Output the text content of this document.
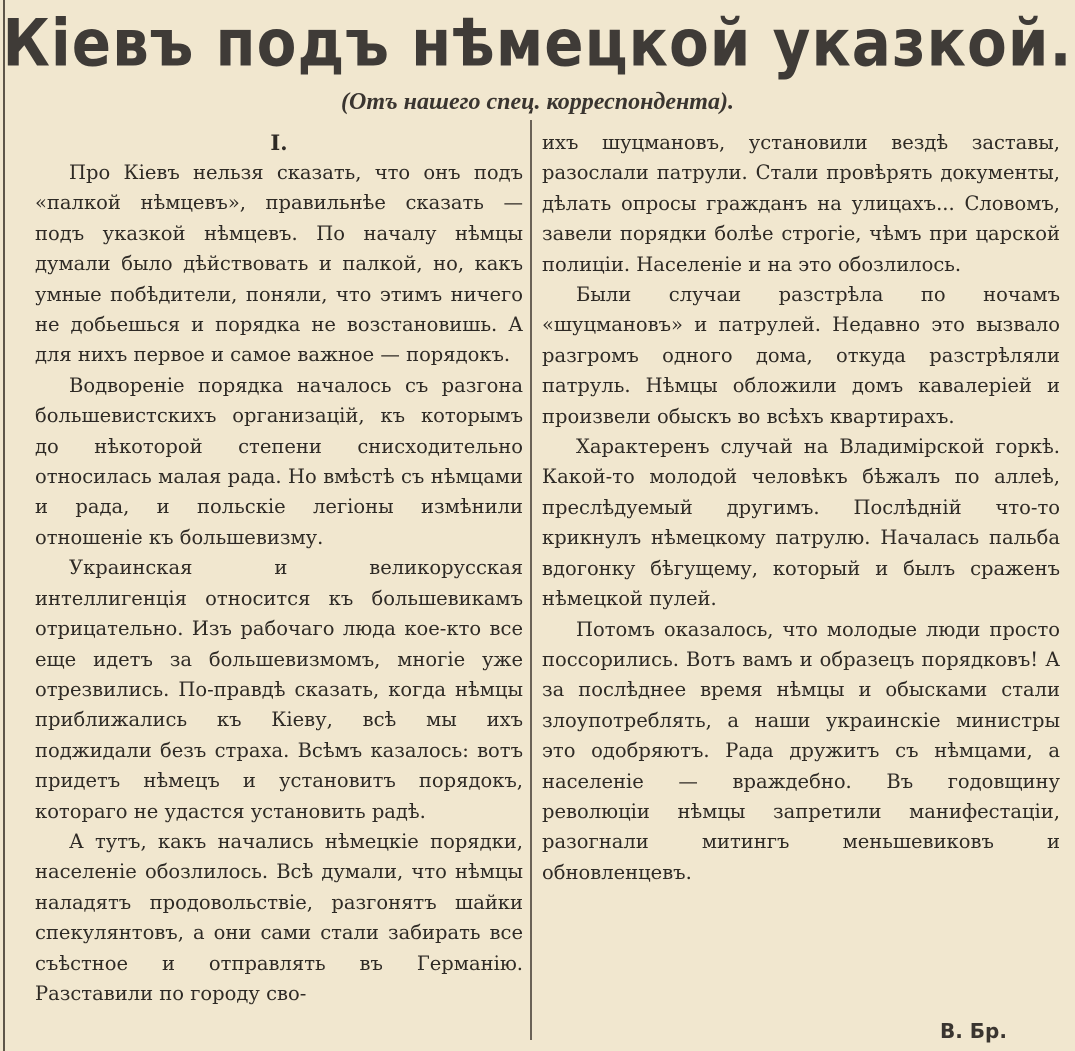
Кiевъ подъ нѣмецкой указкой.
(Отъ нашего спец. корреспондента).
I.

Про Кiевъ нельзя сказать, что онъ подъ «палкой нѣмцевъ», правильнѣе сказать — подъ указкой нѣмцевъ. По началу нѣмцы думали было дѣйствовать и палкой, но, какъ умные побѣдители, поняли, что этимъ ничего не добьешься и порядка не возстановишь. А для нихъ первое и самое важное — порядокъ.

Водворенiе порядка началось съ разгона большевистскихъ организацiй, къ которымъ до нѣкоторой степени снисходительно относилась малая рада. Но вмѣстѣ съ нѣмцами и рада, и польскiе легiоны измѣнили отношенiе къ большевизму.

Украинская и великорусская интеллигенцiя относится къ большевикамъ отрицательно. Изъ рабочаго люда кое-кто все еще идетъ за большевизмомъ, многiе уже отрезвились. По-правдѣ сказать, когда нѣмцы приближались къ Кiеву, всѣ мы ихъ поджидали безъ страха. Всѣмъ казалось: вотъ придетъ нѣмецъ и установитъ порядокъ, котораго не удастся установить радѣ.

А тутъ, какъ начались нѣмецкiе порядки, населенiе обозлилось. Всѣ думали, что нѣмцы наладятъ продовольствiе, разгонятъ шайки спекулянтовъ, а они сами стали забирать все съѣстное и отправлять въ Германiю. Разставили по городу сво-

ихъ шуцмановъ, установили вездѣ заставы, разослали патрули. Стали провѣрять документы, дѣлать опросы гражданъ на улицахъ... Словомъ, завели порядки болѣе строгiе, чѣмъ при царской полицiи. Населенiе и на это обозлилось.

Были случаи разстрѣла по ночамъ «шуцмановъ» и патрулей. Недавно это вызвало разгромъ одного дома, откуда разстрѣляли патруль. Нѣмцы обложили домъ кавалерiей и произвели обыскъ во всѣхъ квартирахъ.

Характеренъ случай на Владимiрской горкѣ. Какой-то молодой человѣкъ бѣжалъ по аллеѣ, преслѣдуемый другимъ. Послѣднiй что-то крикнулъ нѣмецкому патрулю. Началась пальба вдогонку бѣгущему, который и былъ сраженъ нѣмецкой пулей.

Потомъ оказалось, что молодые люди просто поссорились. Вотъ вамъ и образецъ порядковъ! А за послѣднее время нѣмцы и обысками стали злоупотреблять, а наши украинскiе министры это одобряютъ. Рада дружитъ съ нѣмцами, а населенiе — враждебно. Въ годовщину революцiи нѣмцы запретили манифестацiи, разогнали митингъ меньшевиковъ и обновленцевъ.

В. Бр.
